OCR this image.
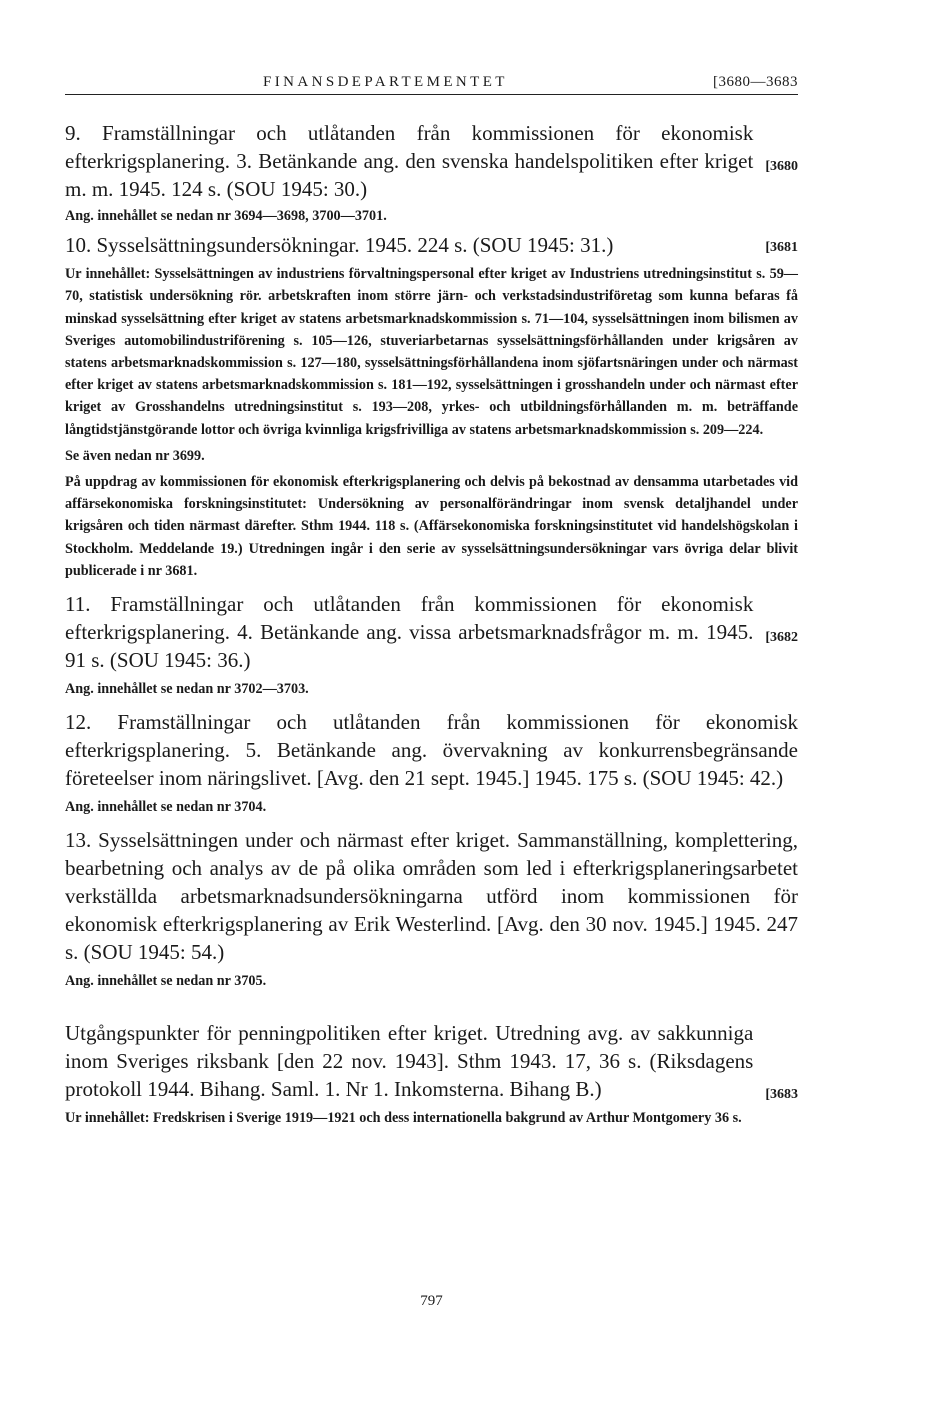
FINANSDEPARTEMENTET	[3680—3683
[3680
9. Framställningar och utlåtanden från kommissionen för ekonomisk efterkrigsplanering. 3. Betänkande ang. den svenska handelspolitiken efter kriget m. m. 1945. 124 s. (SOU 1945: 30.)
Ang. innehållet se nedan nr 3694—3698, 3700—3701.
[3681
10. Sysselsättningsundersökningar. 1945. 224 s. (SOU 1945: 31.)
Ur innehållet: Sysselsättningen av industriens förvaltningspersonal efter kriget av Industriens utredningsinstitut s. 59—70, statistisk undersökning rör. arbetskraften inom större järn- och verkstadsindustriföretag som kunna befaras få minskad sysselsättning efter kriget av statens arbetsmarknadskommission s. 71—104, sysselsättningen inom bilismen av Sveriges automobilindustriförening s. 105—126, stuveriarbetarnas sysselsättningsförhållanden under krigsåren av statens arbetsmarknadskommission s. 127—180, sysselsättningsförhållandena inom sjöfartsnäringen under och närmast efter kriget av statens arbetsmarknadskommission s. 181—192, sysselsättningen i grosshandeln under och närmast efter kriget av Grosshandelns utredningsinstitut s. 193—208, yrkes- och utbildningsförhållanden m. m. beträffande långtidstjänstgörande lottor och övriga kvinnliga krigsfrivilliga av statens arbetsmarknadskommission s. 209—224.
Se även nedan nr 3699.
På uppdrag av kommissionen för ekonomisk efterkrigsplanering och delvis på bekostnad av densamma utarbetades vid affärsekonomiska forskningsinstitutet: Undersökning av personalförändringar inom svensk detaljhandel under krigsåren och tiden närmast därefter. Sthm 1944. 118 s. (Affärsekonomiska forskningsinstitutet vid handelshögskolan i Stockholm. Meddelande 19.) Utredningen ingår i den serie av sysselsättningsundersökningar vars övriga delar blivit publicerade i nr 3681.
[3682
11. Framställningar och utlåtanden från kommissionen för ekonomisk efterkrigsplanering. 4. Betänkande ang. vissa arbetsmarknadsfrågor m. m. 1945. 91 s. (SOU 1945: 36.)
Ang. innehållet se nedan nr 3702—3703.
12. Framställningar och utlåtanden från kommissionen för ekonomisk efterkrigsplanering. 5. Betänkande ang. övervakning av konkurrensbegränsande företeelser inom näringslivet. [Avg. den 21 sept. 1945.] 1945. 175 s. (SOU 1945: 42.)
Ang. innehållet se nedan nr 3704.
13. Sysselsättningen under och närmast efter kriget. Sammanställning, komplettering, bearbetning och analys av de på olika områden som led i efterkrigsplaneringsarbetet verkställda arbetsmarknadsundersökningarna utförd inom kommissionen för ekonomisk efterkrigsplanering av Erik Westerlind. [Avg. den 30 nov. 1945.] 1945. 247 s. (SOU 1945: 54.)
Ang. innehållet se nedan nr 3705.
[3683
Utgångspunkter för penningpolitiken efter kriget. Utredning avg. av sakkunniga inom Sveriges riksbank [den 22 nov. 1943]. Sthm 1943. 17, 36 s. (Riksdagens protokoll 1944. Bihang. Saml. 1. Nr 1. Inkomsterna. Bihang B.)
Ur innehållet: Fredskrisen i Sverige 1919—1921 och dess internationella bakgrund av Arthur Montgomery 36 s.
797
